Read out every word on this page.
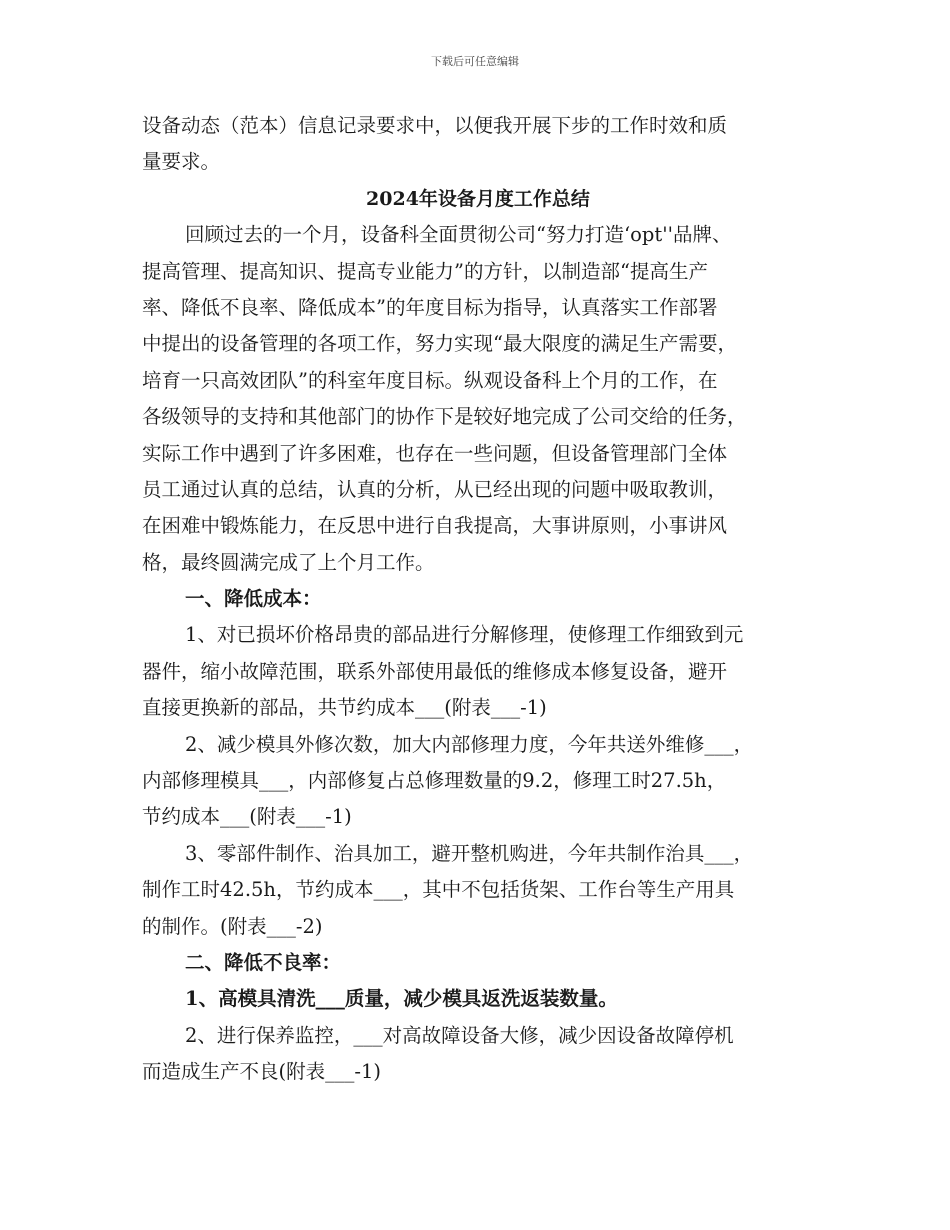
下载后可任意编辑
设备动态（范本）信息记录要求中，以便我开展下步的工作时效和质
量要求。
2024年设备月度工作总结
回顾过去的一个月，设备科全面贯彻公司“努力打造‘opt''品牌、
提高管理、提高知识、提高专业能力”的方针，以制造部“提高生产
率、降低不良率、降低成本”的年度目标为指导，认真落实工作部署
中提出的设备管理的各项工作，努力实现“最大限度的满足生产需要，
培育一只高效团队”的科室年度目标。纵观设备科上个月的工作，在
各级领导的支持和其他部门的协作下是较好地完成了公司交给的任务，
实际工作中遇到了许多困难，也存在一些问题，但设备管理部门全体
员工通过认真的总结，认真的分析，从已经出现的问题中吸取教训，
在困难中锻炼能力，在反思中进行自我提高，大事讲原则，小事讲风
格，最终圆满完成了上个月工作。
一、降低成本：
1、对已损坏价格昂贵的部品进行分解修理，使修理工作细致到元
器件，缩小故障范围，联系外部使用最低的维修成本修复设备，避开
直接更换新的部品，共节约成本___(附表___-1)
2、减少模具外修次数，加大内部修理力度，今年共送外维修___，
内部修理模具___，内部修复占总修理数量的9.2，修理工时27.5h，
节约成本___(附表___-1)
3、零部件制作、治具加工，避开整机购进，今年共制作治具___，
制作工时42.5h，节约成本___，其中不包括货架、工作台等生产用具
的制作。(附表___-2)
二、降低不良率：
1、高模具清洗___质量，减少模具返洗返装数量。
2、进行保养监控，___对高故障设备大修，减少因设备故障停机
而造成生产不良(附表___-1)
